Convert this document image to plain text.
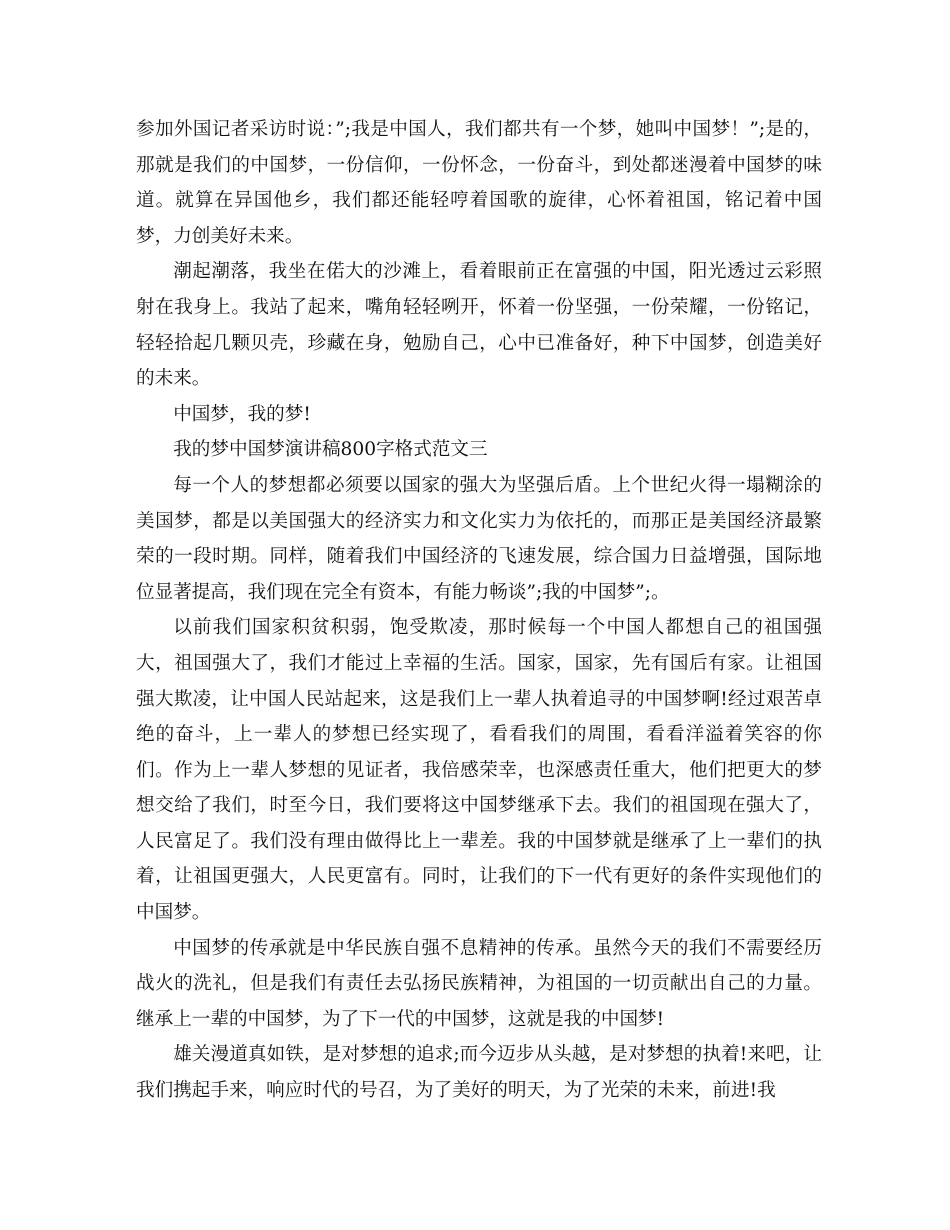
参加外国记者采访时说：”;我是中国人，我们都共有一个梦，她叫中国梦！”;是的，那就是我们的中国梦，一份信仰，一份怀念，一份奋斗，到处都迷漫着中国梦的味道。就算在异国他乡，我们都还能轻哼着国歌的旋律，心怀着祖国，铭记着中国梦，力创美好未来。

潮起潮落，我坐在偌大的沙滩上，看着眼前正在富强的中国，阳光透过云彩照射在我身上。我站了起来，嘴角轻轻咧开，怀着一份坚强，一份荣耀，一份铭记，轻轻拾起几颗贝壳，珍藏在身，勉励自己，心中已准备好，种下中国梦，创造美好的未来。

中国梦，我的梦!

我的梦中国梦演讲稿800字格式范文三

每一个人的梦想都必须要以国家的强大为坚强后盾。上个世纪火得一塌糊涂的美国梦，都是以美国强大的经济实力和文化实力为依托的，而那正是美国经济最繁荣的一段时期。同样，随着我们中国经济的飞速发展，综合国力日益增强，国际地位显著提高，我们现在完全有资本，有能力畅谈”;我的中国梦”;。

以前我们国家积贫积弱，饱受欺凌，那时候每一个中国人都想自己的祖国强大，祖国强大了，我们才能过上幸福的生活。国家，国家，先有国后有家。让祖国强大欺凌，让中国人民站起来，这是我们上一辈人执着追寻的中国梦啊!经过艰苦卓绝的奋斗，上一辈人的梦想已经实现了，看看我们的周围，看看洋溢着笑容的你们。作为上一辈人梦想的见证者，我倍感荣幸，也深感责任重大，他们把更大的梦想交给了我们，时至今日，我们要将这中国梦继承下去。我们的祖国现在强大了，人民富足了。我们没有理由做得比上一辈差。我的中国梦就是继承了上一辈们的执着，让祖国更强大，人民更富有。同时，让我们的下一代有更好的条件实现他们的中国梦。

中国梦的传承就是中华民族自强不息精神的传承。虽然今天的我们不需要经历战火的洗礼，但是我们有责任去弘扬民族精神，为祖国的一切贡献出自己的力量。继承上一辈的中国梦，为了下一代的中国梦，这就是我的中国梦!

雄关漫道真如铁，是对梦想的追求;而今迈步从头越，是对梦想的执着!来吧，让我们携起手来，响应时代的号召，为了美好的明天，为了光荣的未来，前进!我
